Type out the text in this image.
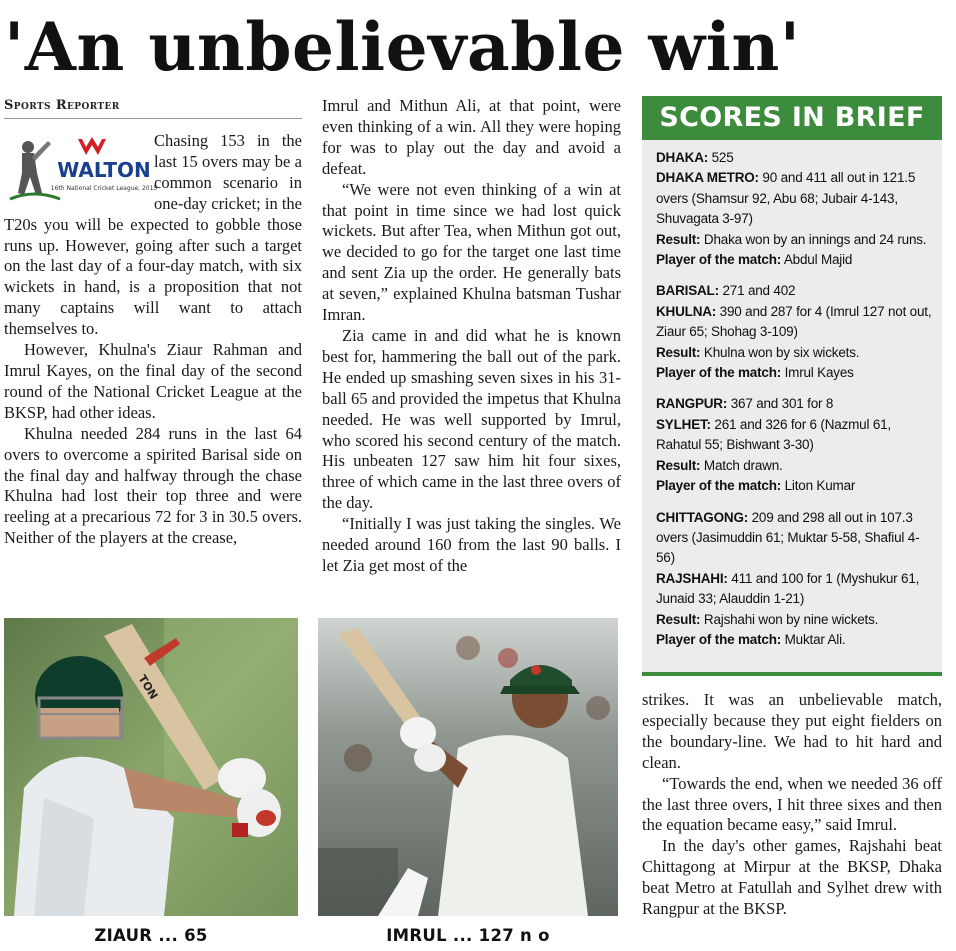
'An unbelievable win'
Sports Reporter
WALTON
16th National Cricket League, 2015

Chasing 153 in the last 15 overs may be a common scenario in one-day cricket; in the T20s you will be expected to gobble those runs up. However, going after such a target on the last day of a four-day match, with six wickets in hand, is a proposition that not many captains will want to attach themselves to.

However, Khulna's Ziaur Rahman and Imrul Kayes, on the final day of the second round of the National Cricket League at the BKSP, had other ideas.

Khulna needed 284 runs in the last 64 overs to overcome a spirited Barisal side on the final day and halfway through the chase Khulna had lost their top three and were reeling at a precarious 72 for 3 in 30.5 overs. Neither of the players at the crease,

Imrul and Mithun Ali, at that point, were even thinking of a win. All they were hoping for was to play out the day and avoid a defeat.

“We were not even thinking of a win at that point in time since we had lost quick wickets. But after Tea, when Mithun got out, we decided to go for the target one last time and sent Zia up the order. He generally bats at seven,” explained Khulna batsman Tushar Imran.

Zia came in and did what he is known best for, hammering the ball out of the park. He ended up smashing seven sixes in his 31-ball 65 and provided the impetus that Khulna needed. He was well supported by Imrul, who scored his second century of the match. His unbeaten 127 saw him hit four sixes, three of which came in the last three overs of the day.

“Initially I was just taking the singles. We needed around 160 from the last 90 balls. I let Zia get most of the

SCORES IN BRIEF
DHAKA: 525
DHAKA METRO: 90 and 411 all out in 121.5 overs (Shamsur 92, Abu 68; Jubair 4-143, Shuvagata 3-97)
Result: Dhaka won by an innings and 24 runs.
Player of the match: Abdul Majid
BARISAL: 271 and 402
KHULNA: 390 and 287 for 4 (Imrul 127 not out, Ziaur 65; Shohag 3-109)
Result: Khulna won by six wickets.
Player of the match: Imrul Kayes
RANGPUR: 367 and 301 for 8
SYLHET: 261 and 326 for 6 (Nazmul 61, Rahatul 55; Bishwant 3-30)
Result: Match drawn.
Player of the match: Liton Kumar
CHITTAGONG: 209 and 298 all out in 107.3 overs (Jasimuddin 61; Muktar 5-58, Shafiul 4-56)
RAJSHAHI: 411 and 100 for 1 (Myshukur 61, Junaid 33; Alauddin 1-21)
Result: Rajshahi won by nine wickets.
Player of the match: Muktar Ali.
TON
ZIAUR ... 65	IMRUL ... 127 n o

strikes. It was an unbelievable match, especially because they put eight fielders on the boundary-line. We had to hit hard and clean.

“Towards the end, when we needed 36 off the last three overs, I hit three sixes and then the equation became easy,” said Imrul.

In the day's other games, Rajshahi beat Chittagong at Mirpur at the BKSP, Dhaka beat Metro at Fatullah and Sylhet drew with Rangpur at the BKSP.
